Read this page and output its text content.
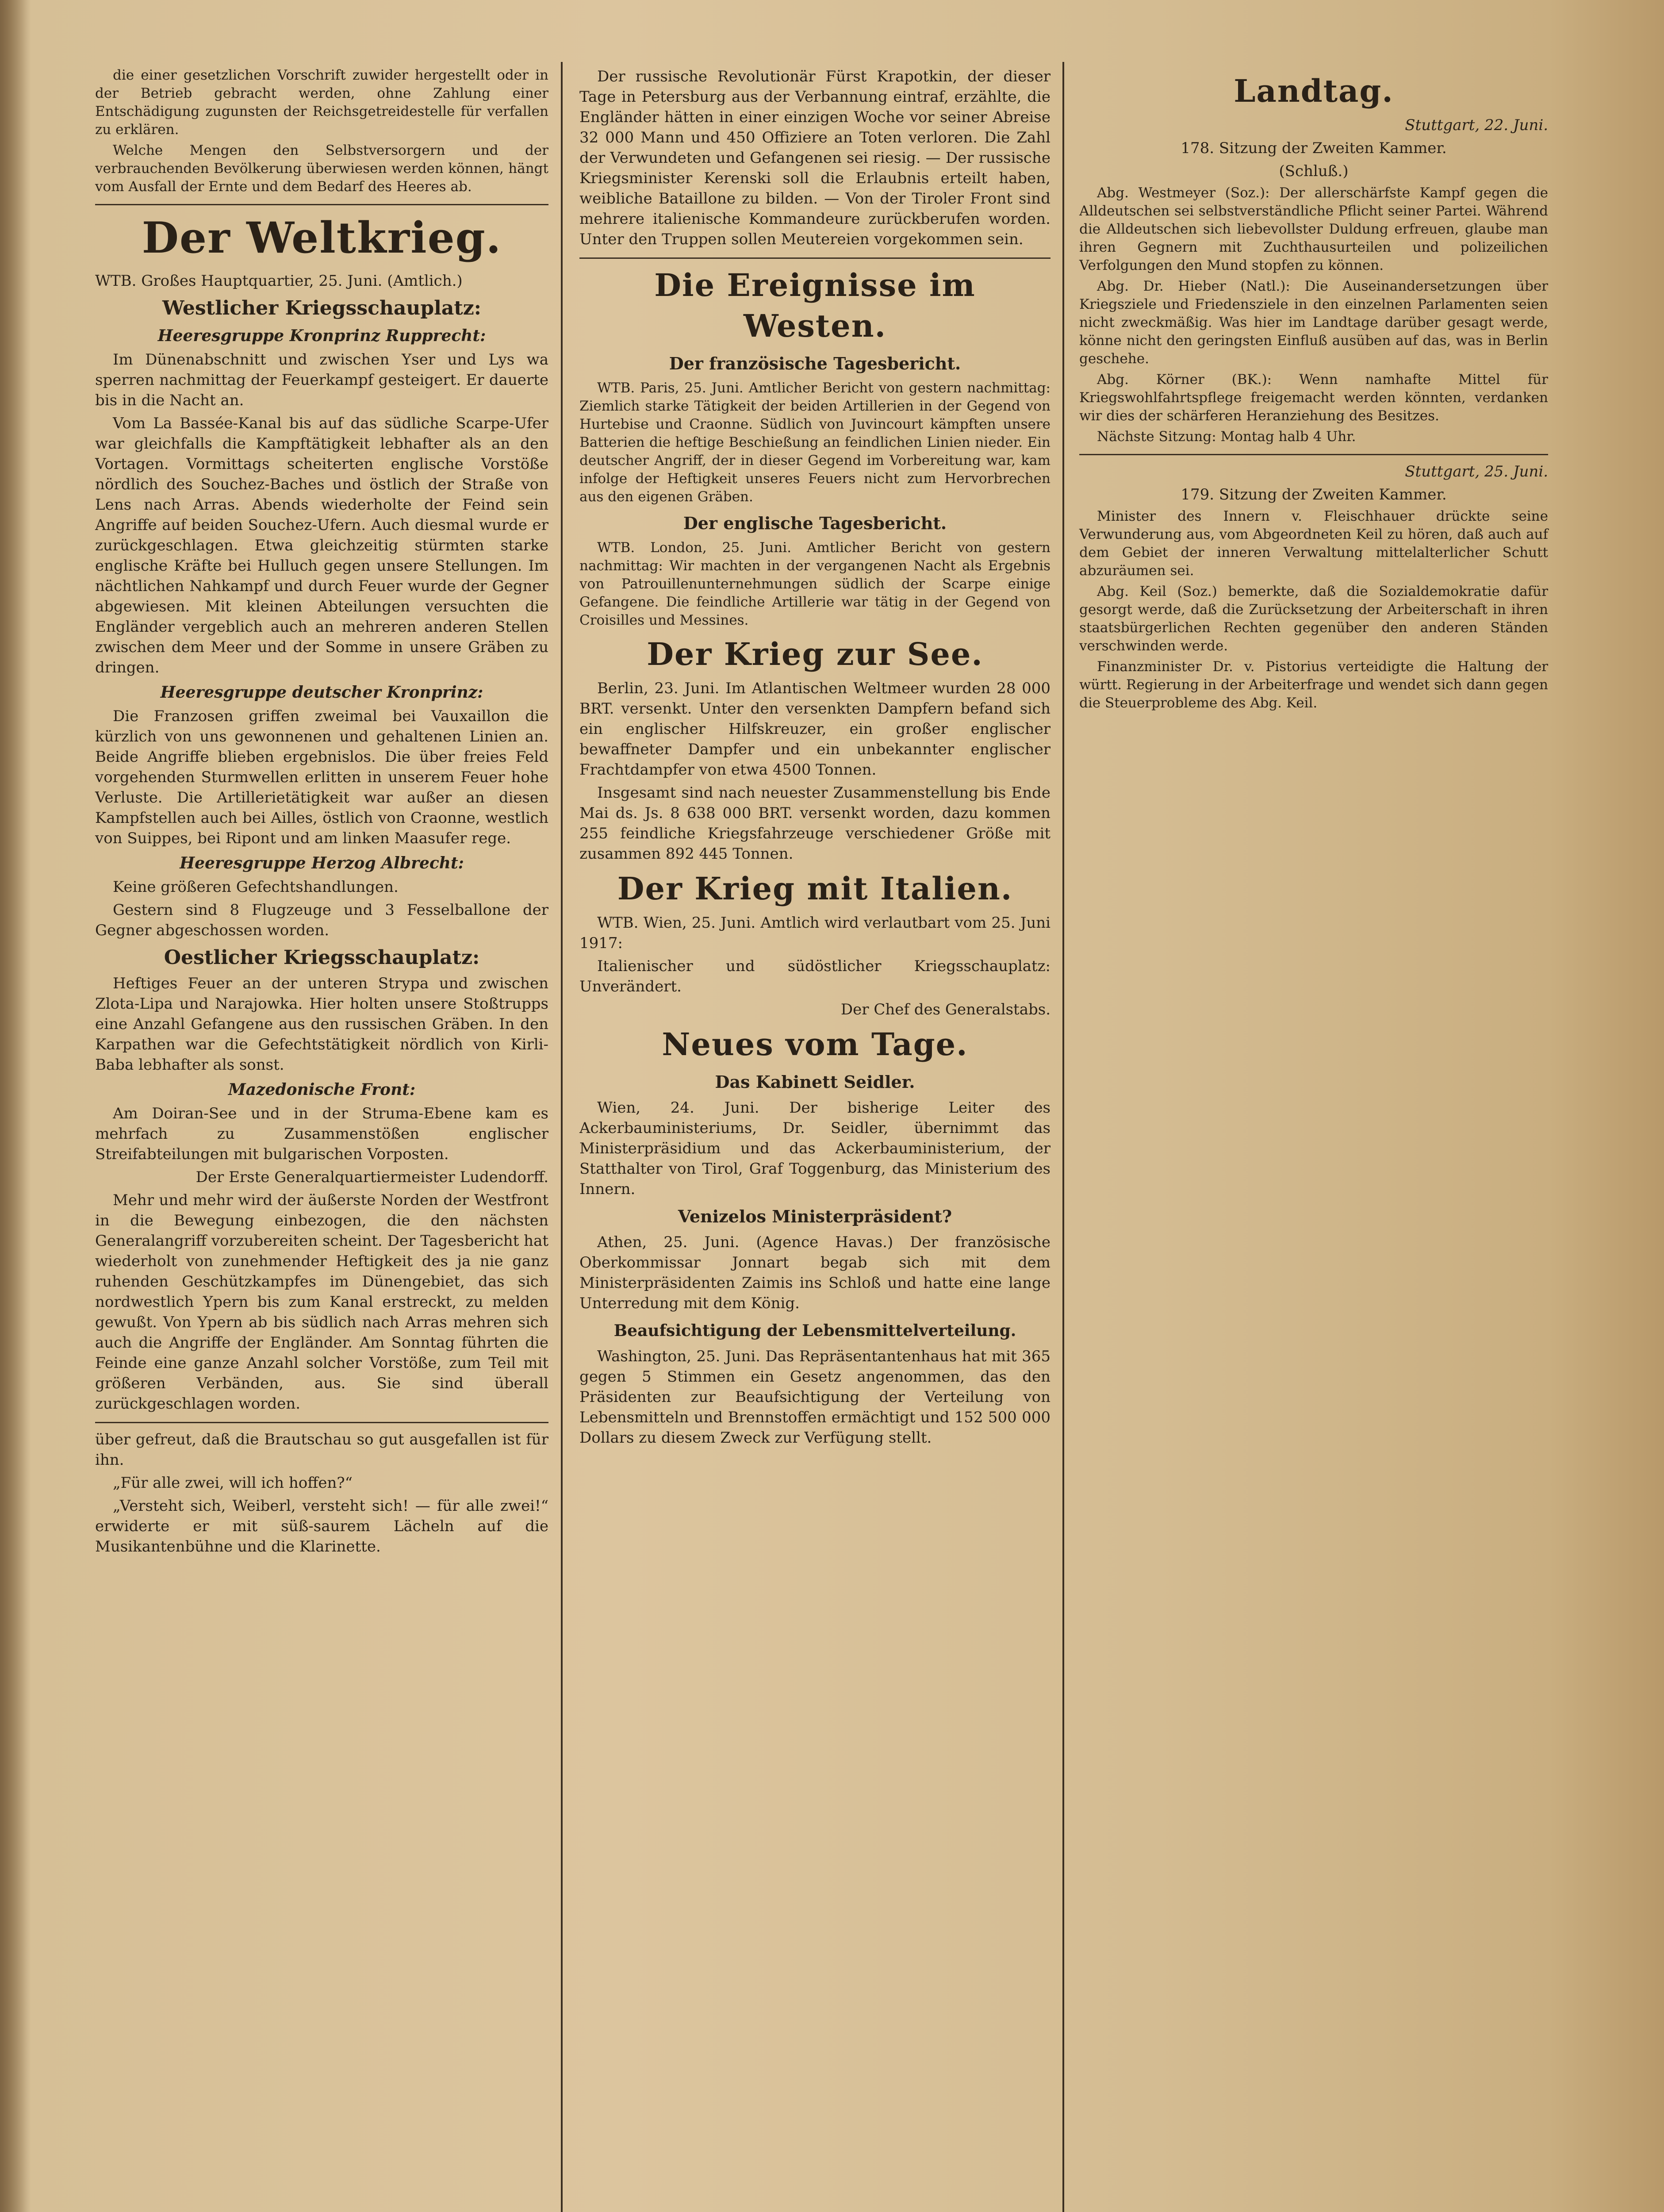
die einer gesetzlichen Vorschrift zuwider hergestellt oder in der Betrieb gebracht werden, ohne Zahlung einer Entschädigung zugunsten der Reichsgetreidestelle für verfallen zu erklären.

Welche Mengen den Selbstversorgern und der verbrauchenden Bevölkerung überwiesen werden können, hängt vom Ausfall der Ernte und dem Bedarf des Heeres ab.

Der Weltkrieg.

WTB. Großes Hauptquartier, 25. Juni. (Amtlich.)

Westlicher Kriegsschauplatz:
Heeresgruppe Kronprinz Rupprecht:

Im Dünenabschnitt und zwischen Yser und Lys wa sperren nachmittag der Feuerkampf gesteigert. Er dauerte bis in die Nacht an.

Vom La Bassée-Kanal bis auf das südliche Scarpe-Ufer war gleichfalls die Kampftätigkeit lebhafter als an den Vortagen. Vormittags scheiterten englische Vorstöße nördlich des Souchez-Baches und östlich der Straße von Lens nach Arras. Abends wiederholte der Feind sein Angriffe auf beiden Souchez-Ufern. Auch diesmal wurde er zurückgeschlagen. Etwa gleichzeitig stürmten starke englische Kräfte bei Hulluch gegen unsere Stellungen. Im nächtlichen Nahkampf und durch Feuer wurde der Gegner abgewiesen. Mit kleinen Abteilungen versuchten die Engländer vergeblich auch an mehreren anderen Stellen zwischen dem Meer und der Somme in unsere Gräben zu dringen.

Heeresgruppe deutscher Kronprinz:

Die Franzosen griffen zweimal bei Vauxaillon die kürzlich von uns gewonnenen und gehaltenen Linien an. Beide Angriffe blieben ergebnislos. Die über freies Feld vorgehenden Sturmwellen erlitten in unserem Feuer hohe Verluste. Die Artillerietätigkeit war außer an diesen Kampfstellen auch bei Ailles, östlich von Craonne, westlich von Suippes, bei Ripont und am linken Maasufer rege.

Heeresgruppe Herzog Albrecht:

Keine größeren Gefechtshandlungen.

Gestern sind 8 Flugzeuge und 3 Fesselballone der Gegner abgeschossen worden.

Oestlicher Kriegsschauplatz:

Heftiges Feuer an der unteren Strypa und zwischen Zlota-Lipa und Narajowka. Hier holten unsere Stoßtrupps eine Anzahl Gefangene aus den russischen Gräben. In den Karpathen war die Gefechtstätigkeit nördlich von Kirli-Baba lebhafter als sonst.

Mazedonische Front:

Am Doiran-See und in der Struma-Ebene kam es mehrfach zu Zusammenstößen englischer Streifabteilungen mit bulgarischen Vorposten.

Der Erste Generalquartiermeister Ludendorff.

Mehr und mehr wird der äußerste Norden der Westfront in die Bewegung einbezogen, die den nächsten Generalangriff vorzubereiten scheint. Der Tagesbericht hat wiederholt von zunehmender Heftigkeit des ja nie ganz ruhenden Geschützkampfes im Dünengebiet, das sich nordwestlich Ypern bis zum Kanal erstreckt, zu melden gewußt. Von Ypern ab bis südlich nach Arras mehren sich auch die Angriffe der Engländer. Am Sonntag führten die Feinde eine ganze Anzahl solcher Vorstöße, zum Teil mit größeren Verbänden, aus. Sie sind überall zurückgeschlagen worden.

über gefreut, daß die Brautschau so gut ausgefallen ist für ihn.

„Für alle zwei, will ich hoffen?“

„Versteht sich, Weiberl, versteht sich! — für alle zwei!“ erwiderte er mit süß-saurem Lächeln auf die Musikantenbühne und die Klarinette.

Der russische Revolutionär Fürst Krapotkin, der dieser Tage in Petersburg aus der Verbannung eintraf, erzählte, die Engländer hätten in einer einzigen Woche vor seiner Abreise 32 000 Mann und 450 Offiziere an Toten verloren. Die Zahl der Verwundeten und Gefangenen sei riesig. — Der russische Kriegsminister Kerenski soll die Erlaubnis erteilt haben, weibliche Bataillone zu bilden. — Von der Tiroler Front sind mehrere italienische Kommandeure zurückberufen worden. Unter den Truppen sollen Meutereien vorgekommen sein.

Die Ereignisse im Westen.
Der französische Tagesbericht.

WTB. Paris, 25. Juni. Amtlicher Bericht von gestern nachmittag: Ziemlich starke Tätigkeit der beiden Artillerien in der Gegend von Hurtebise und Craonne. Südlich von Juvincourt kämpften unsere Batterien die heftige Beschießung an feindlichen Linien nieder. Ein deutscher Angriff, der in dieser Gegend im Vorbereitung war, kam infolge der Heftigkeit unseres Feuers nicht zum Hervorbrechen aus den eigenen Gräben.

Der englische Tagesbericht.

WTB. London, 25. Juni. Amtlicher Bericht von gestern nachmittag: Wir machten in der vergangenen Nacht als Ergebnis von Patrouillenunternehmungen südlich der Scarpe einige Gefangene. Die feindliche Artillerie war tätig in der Gegend von Croisilles und Messines.

Der Krieg zur See.

Berlin, 23. Juni. Im Atlantischen Weltmeer wurden 28 000 BRT. versenkt. Unter den versenkten Dampfern befand sich ein englischer Hilfskreuzer, ein großer englischer bewaffneter Dampfer und ein unbekannter englischer Frachtdampfer von etwa 4500 Tonnen.

Insgesamt sind nach neuester Zusammenstellung bis Ende Mai ds. Js. 8 638 000 BRT. versenkt worden, dazu kommen 255 feindliche Kriegsfahrzeuge verschiedener Größe mit zusammen 892 445 Tonnen.

Der Krieg mit Italien.

WTB. Wien, 25. Juni. Amtlich wird verlautbart vom 25. Juni 1917:

Italienischer und südöstlicher Kriegsschauplatz: Unverändert.

Der Chef des Generalstabs.

Neues vom Tage.
Das Kabinett Seidler.

Wien, 24. Juni. Der bisherige Leiter des Ackerbauministeriums, Dr. Seidler, übernimmt das Ministerpräsidium und das Ackerbauministerium, der Statthalter von Tirol, Graf Toggenburg, das Ministerium des Innern.

Venizelos Ministerpräsident?

Athen, 25. Juni. (Agence Havas.) Der französische Oberkommissar Jonnart begab sich mit dem Ministerpräsidenten Zaimis ins Schloß und hatte eine lange Unterredung mit dem König.

Beaufsichtigung der Lebensmittelverteilung.

Washington, 25. Juni. Das Repräsentantenhaus hat mit 365 gegen 5 Stimmen ein Gesetz angenommen, das den Präsidenten zur Beaufsichtigung der Verteilung von Lebensmitteln und Brennstoffen ermächtigt und 152 500 000 Dollars zu diesem Zweck zur Verfügung stellt.

Landtag.

Stuttgart, 22. Juni.

178. Sitzung der Zweiten Kammer.

(Schluß.)

Abg. Westmeyer (Soz.): Der allerschärfste Kampf gegen die Alldeutschen sei selbstverständliche Pflicht seiner Partei. Während die Alldeutschen sich liebevollster Duldung erfreuen, glaube man ihren Gegnern mit Zuchthausurteilen und polizeilichen Verfolgungen den Mund stopfen zu können.

Abg. Dr. Hieber (Natl.): Die Auseinandersetzungen über Kriegsziele und Friedensziele in den einzelnen Parlamenten seien nicht zweckmäßig. Was hier im Landtage darüber gesagt werde, könne nicht den geringsten Einfluß ausüben auf das, was in Berlin geschehe.

Abg. Körner (BK.): Wenn namhafte Mittel für Kriegswohlfahrtspflege freigemacht werden könnten, verdanken wir dies der schärferen Heranziehung des Besitzes.

Nächste Sitzung: Montag halb 4 Uhr.

Stuttgart, 25. Juni.

179. Sitzung der Zweiten Kammer.

Minister des Innern v. Fleischhauer drückte seine Verwunderung aus, vom Abgeordneten Keil zu hören, daß auch auf dem Gebiet der inneren Verwaltung mittelalterlicher Schutt abzuräumen sei.

Abg. Keil (Soz.) bemerkte, daß die Sozialdemokratie dafür gesorgt werde, daß die Zurücksetzung der Arbeiterschaft in ihren staatsbürgerlichen Rechten gegenüber den anderen Ständen verschwinden werde.

Finanzminister Dr. v. Pistorius verteidigte die Haltung der württ. Regierung in der Arbeiterfrage und wendet sich dann gegen die Steuerprobleme des Abg. Keil.
